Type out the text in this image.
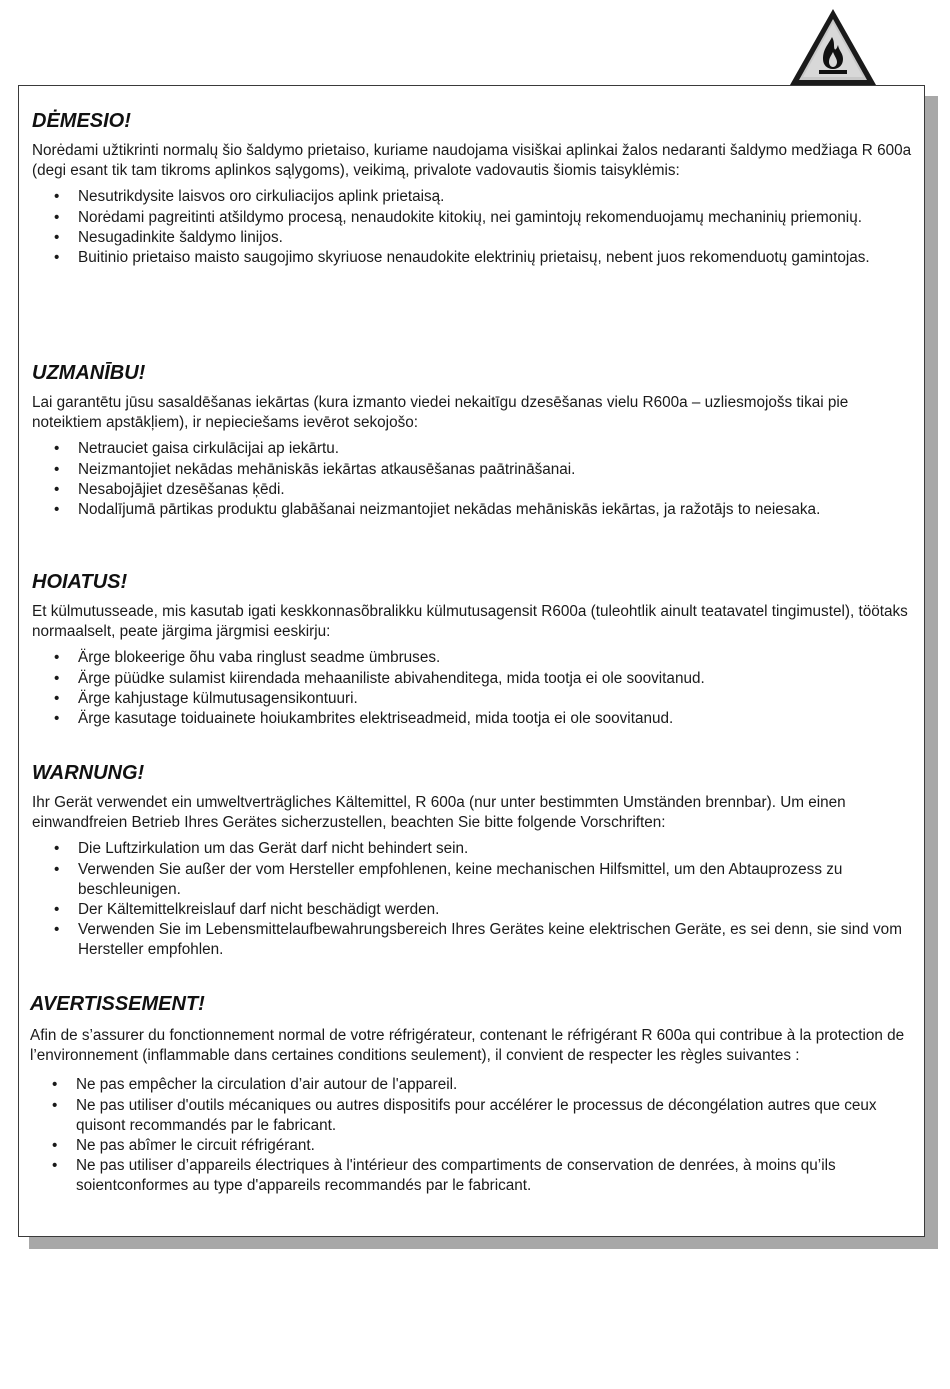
DĖMESIO!

Norėdami užtikrinti normalų šio šaldymo prietaiso, kuriame naudojama visiškai aplinkai žalos nedaranti šaldymo medžiaga R 600a (degi esant tik tam tikroms aplinkos sąlygoms), veikimą, privalote vadovautis šiomis taisyklėmis:

• Nesutrikdysite laisvos oro cirkuliacijos aplink prietaisą.
• Norėdami pagreitinti atšildymo procesą, nenaudokite kitokių, nei gamintojų rekomenduojamų mechaninių priemonių.
• Nesugadinkite šaldymo linijos.
• Buitinio prietaiso maisto saugojimo skyriuose nenaudokite elektrinių prietaisų, nebent juos rekomenduotų gamintojas.
UZMANĪBU!

Lai garantētu jūsu sasaldēšanas iekārtas (kura izmanto viedei nekaitīgu dzesēšanas vielu R600a – uzliesmojošs tikai pie noteiktiem apstākļiem), ir nepieciešams ievērot sekojošo:

• Netrauciet gaisa cirkulācijai ap iekārtu.
• Neizmantojiet nekādas mehāniskās iekārtas atkausēšanas paātrināšanai.
• Nesabojājiet dzesēšanas ķēdi.
• Nodalījumā pārtikas produktu glabāšanai neizmantojiet nekādas mehāniskās iekārtas, ja ražotājs to neiesaka.
HOIATUS!

Et külmutusseade, mis kasutab igati keskkonnasõbralikku külmutusagensit R600a (tuleohtlik ainult teatavatel tingimustel), töötaks normaalselt, peate järgima järgmisi eeskirju:

• Ärge blokeerige õhu vaba ringlust seadme ümbruses.
• Ärge püüdke sulamist kiirendada mehaaniliste abivahenditega, mida tootja ei ole soovitanud.
• Ärge kahjustage külmutusagensikontuuri.
• Ärge kasutage toiduainete hoiukambrites elektriseadmeid, mida tootja ei ole soovitanud.
WARNUNG!

Ihr Gerät verwendet ein umweltverträgliches Kältemittel, R 600a (nur unter bestimmten Umständen brennbar). Um einen einwandfreien Betrieb Ihres Gerätes sicherzustellen, beachten Sie bitte folgende Vorschriften:

• Die Luftzirkulation um das Gerät darf nicht behindert sein.
• Verwenden Sie außer der vom Hersteller empfohlenen, keine mechanischen Hilfsmittel, um den Abtauprozess zu beschleunigen.
• Der Kältemittelkreislauf darf nicht beschädigt werden.
• Verwenden Sie im Lebensmittelaufbewahrungsbereich Ihres Gerätes keine elektrischen Geräte, es sei denn, sie sind vom Hersteller empfohlen.
AVERTISSEMENT!

Afin de s’assurer du fonctionnement normal de votre réfrigérateur, contenant le réfrigérant R 600a qui contribue à la protection de l’environnement (inflammable dans certaines conditions seulement), il convient de respecter les règles suivantes :

• Ne pas empêcher la circulation d’air autour de l'appareil.
• Ne pas utiliser d'outils mécaniques ou autres dispositifs pour accélérer le processus de décongélation autres que ceux quisont recommandés par le fabricant.
• Ne pas abîmer le circuit réfrigérant.
• Ne pas utiliser d’appareils électriques à l'intérieur des compartiments de conservation de denrées, à moins qu’ils soientconformes au type d'appareils recommandés par le fabricant.
